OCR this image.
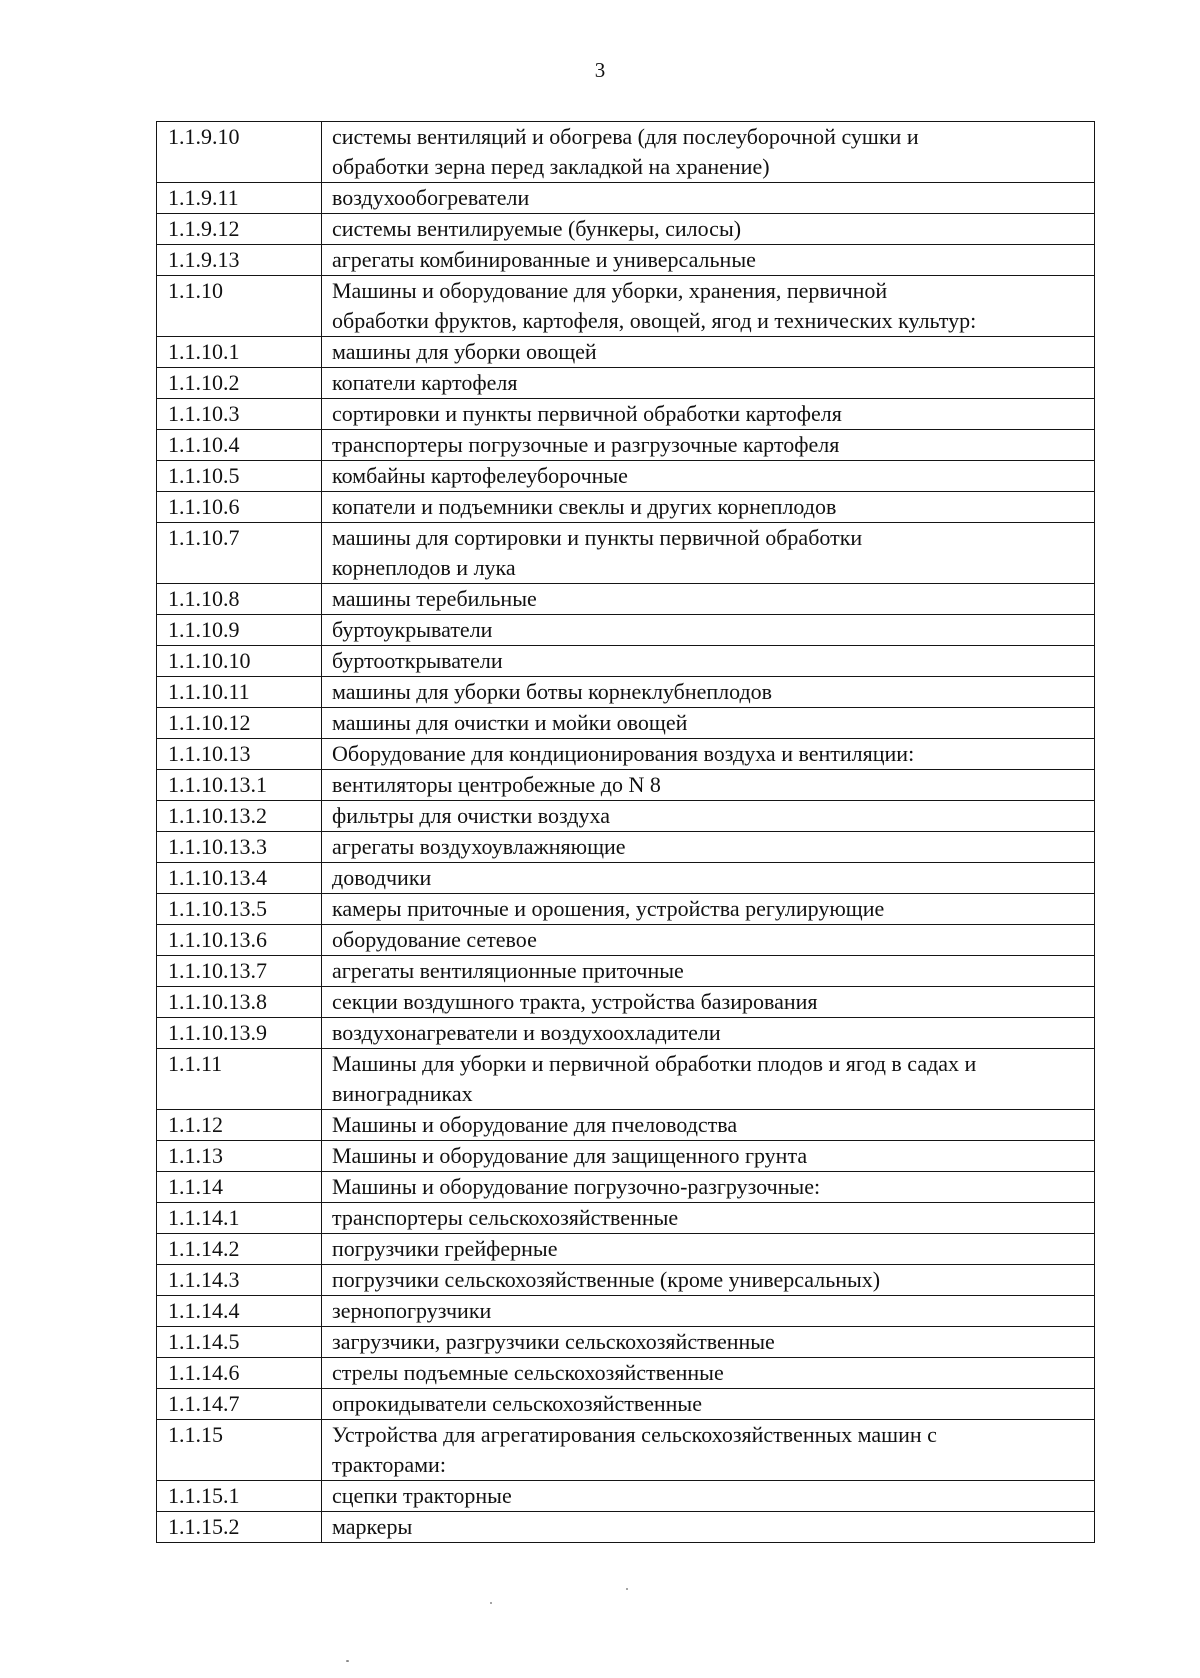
3
1.1.9.10	системы вентиляций и обогрева (для послеуборочной сушки и
обработки зерна перед закладкой на хранение)

1.1.9.11	воздухообогреватели

1.1.9.12	системы вентилируемые (бункеры, силосы)

1.1.9.13	агрегаты комбинированные и универсальные

1.1.10	Машины и оборудование для уборки, хранения, первичной
обработки фруктов, картофеля, овощей, ягод и технических культур:

1.1.10.1	машины для уборки овощей

1.1.10.2	копатели картофеля

1.1.10.3	сортировки и пункты первичной обработки картофеля

1.1.10.4	транспортеры погрузочные и разгрузочные картофеля

1.1.10.5	комбайны картофелеуборочные

1.1.10.6	копатели и подъемники свеклы и других корнеплодов

1.1.10.7	машины для сортировки и пункты первичной обработки
корнеплодов и лука

1.1.10.8	машины теребильные

1.1.10.9	буртоукрыватели

1.1.10.10	буртооткрыватели

1.1.10.11	машины для уборки ботвы корнеклубнеплодов

1.1.10.12	машины для очистки и мойки овощей

1.1.10.13	Оборудование для кондиционирования воздуха и вентиляции:

1.1.10.13.1	вентиляторы центробежные до N 8

1.1.10.13.2	фильтры для очистки воздуха

1.1.10.13.3	агрегаты воздухоувлажняющие

1.1.10.13.4	доводчики

1.1.10.13.5	камеры приточные и орошения, устройства регулирующие

1.1.10.13.6	оборудование сетевое

1.1.10.13.7	агрегаты вентиляционные приточные

1.1.10.13.8	секции воздушного тракта, устройства базирования

1.1.10.13.9	воздухонагреватели и воздухоохладители

1.1.11	Машины для уборки и первичной обработки плодов и ягод в садах и
виноградниках

1.1.12	Машины и оборудование для пчеловодства

1.1.13	Машины и оборудование для защищенного грунта

1.1.14	Машины и оборудование погрузочно-разгрузочные:

1.1.14.1	транспортеры сельскохозяйственные

1.1.14.2	погрузчики грейферные

1.1.14.3	погрузчики сельскохозяйственные (кроме универсальных)

1.1.14.4	зернопогрузчики

1.1.14.5	загрузчики, разгрузчики сельскохозяйственные

1.1.14.6	стрелы подъемные сельскохозяйственные

1.1.14.7	опрокидыватели сельскохозяйственные

1.1.15	Устройства для агрегатирования сельскохозяйственных машин с
тракторами:

1.1.15.1	сцепки тракторные

1.1.15.2	маркеры
